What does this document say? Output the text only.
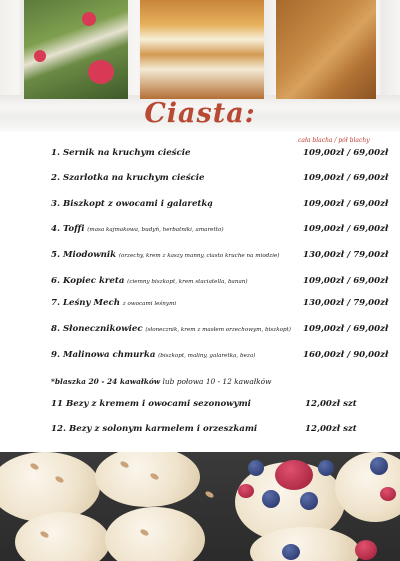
Ciasta:
cała blacha / pół blachy
1. Sernik na kruchym cieście	109,00zł / 69,00zł
2. Szarlotka na kruchym cieście	109,00zł / 69,00zł
3. Biszkopt z owocami i galaretką	109,00zł / 69,00zł
4. Toffi (masa kajmakowa, budyń, herbatniki, amaretto)	109,00zł / 69,00zł
5. Miodownik (orzechy, krem z kaszy manny, ciasto kruche na miodzie)	130,00zł / 79,00zł
6. Kopiec kreta (ciemny biszkopt, krem staciatella, banan)	109,00zł / 69,00zł
7. Leśny Mech z owocami leśnymi	130,00zł / 79,00zł
8. Słonecznikowiec (słonecznik, krem z masłem orzechowym, biszkopt) 109,00zł / 69,00zł
9. Malinowa chmurka (biszkopt, maliny, galaretka, beza)	160,00zł / 90,00zł
*blaszka 20 - 24 kawałków lub połowa 10 - 12 kawałków
11 Bezy z kremem i owocami sezonowymi	12,00zł szt
12. Bezy z solonym karmelem i orzeszkami	12,00zł szt
